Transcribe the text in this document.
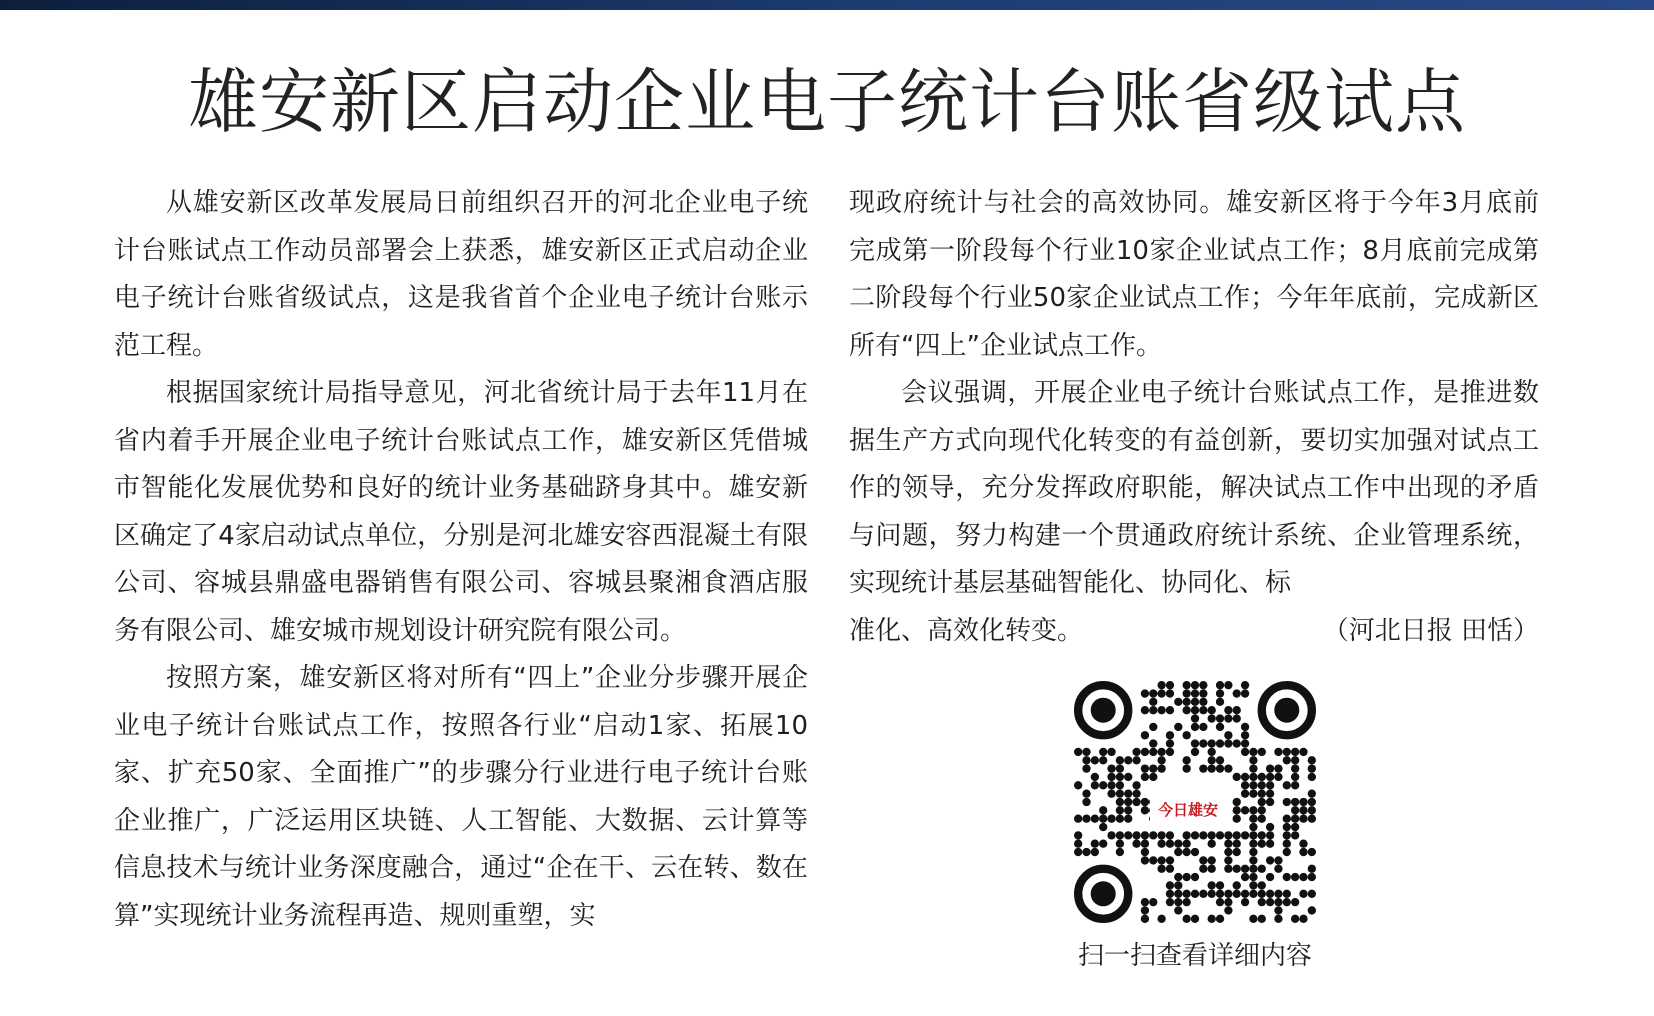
雄安新区启动企业电子统计台账省级试点

从雄安新区改革发展局日前组织召开的河北企业电子统计台账试点工作动员部署会上获悉，雄安新区正式启动企业电子统计台账省级试点，这是我省首个企业电子统计台账示范工程。

根据国家统计局指导意见，河北省统计局于去年11月在省内着手开展企业电子统计台账试点工作，雄安新区凭借城市智能化发展优势和良好的统计业务基础跻身其中。雄安新区确定了4家启动试点单位，分别是河北雄安容西混凝土有限公司、容城县鼎盛电器销售有限公司、容城县聚湘食酒店服务有限公司、雄安城市规划设计研究院有限公司。

按照方案，雄安新区将对所有“四上”企业分步骤开展企业电子统计台账试点工作，按照各行业“启动1家、拓展10家、扩充50家、全面推广”的步骤分行业进行电子统计台账企业推广，广泛运用区块链、人工智能、大数据、云计算等信息技术与统计业务深度融合，通过“企在干、云在转、数在算”实现统计业务流程再造、规则重塑，实

现政府统计与社会的高效协同。雄安新区将于今年3月底前完成第一阶段每个行业10家企业试点工作；8月底前完成第二阶段每个行业50家企业试点工作；今年年底前，完成新区所有“四上”企业试点工作。

会议强调，开展企业电子统计台账试点工作，是推进数据生产方式向现代化转变的有益创新，要切实加强对试点工作的领导，充分发挥政府职能，解决试点工作中出现的矛盾与问题，努力构建一个贯通政府统计系统、企业管理系统，实现统计基层基础智能化、协同化、标

准化、高效化转变。	（河北日报 田恬）
今日雄安
扫一扫查看详细内容
